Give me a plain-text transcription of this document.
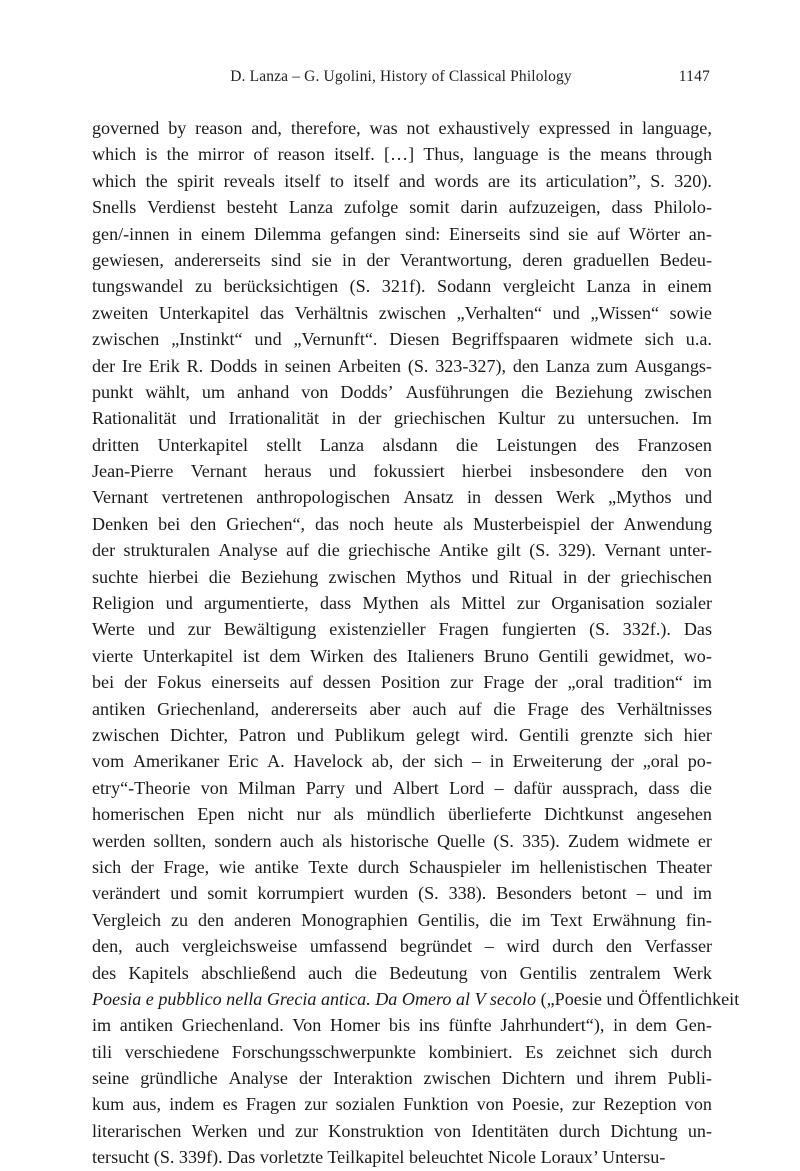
D. Lanza – G. Ugolini, History of Classical Philology	1147
governed by reason and, therefore, was not exhaustively expressed in language,
which is the mirror of reason itself. […] Thus, language is the means through
which the spirit reveals itself to itself and words are its articulation”, S. 320).
Snells Verdienst besteht Lanza zufolge somit darin aufzuzeigen, dass Philolo-
gen/-innen in einem Dilemma gefangen sind: Einerseits sind sie auf Wörter an-
gewiesen, andererseits sind sie in der Verantwortung, deren graduellen Bedeu-
tungswandel zu berücksichtigen (S. 321f). Sodann vergleicht Lanza in einem
zweiten Unterkapitel das Verhältnis zwischen „Verhalten“ und „Wissen“ sowie
zwischen „Instinkt“ und „Vernunft“. Diesen Begriffspaaren widmete sich u.a.
der Ire Erik R. Dodds in seinen Arbeiten (S. 323-327), den Lanza zum Ausgangs-
punkt wählt, um anhand von Dodds’ Ausführungen die Beziehung zwischen
Rationalität und Irrationalität in der griechischen Kultur zu untersuchen. Im
dritten Unterkapitel stellt Lanza alsdann die Leistungen des Franzosen
Jean-Pierre Vernant heraus und fokussiert hierbei insbesondere den von
Vernant vertretenen anthropologischen Ansatz in dessen Werk „Mythos und
Denken bei den Griechen“, das noch heute als Musterbeispiel der Anwendung
der strukturalen Analyse auf die griechische Antike gilt (S. 329). Vernant unter-
suchte hierbei die Beziehung zwischen Mythos und Ritual in der griechischen
Religion und argumentierte, dass Mythen als Mittel zur Organisation sozialer
Werte und zur Bewältigung existenzieller Fragen fungierten (S. 332f.). Das
vierte Unterkapitel ist dem Wirken des Italieners Bruno Gentili gewidmet, wo-
bei der Fokus einerseits auf dessen Position zur Frage der „oral tradition“ im
antiken Griechenland, andererseits aber auch auf die Frage des Verhältnisses
zwischen Dichter, Patron und Publikum gelegt wird. Gentili grenzte sich hier
vom Amerikaner Eric A. Havelock ab, der sich – in Erweiterung der „oral po-
etry“-Theorie von Milman Parry und Albert Lord – dafür aussprach, dass die
homerischen Epen nicht nur als mündlich überlieferte Dichtkunst angesehen
werden sollten, sondern auch als historische Quelle (S. 335). Zudem widmete er
sich der Frage, wie antike Texte durch Schauspieler im hellenistischen Theater
verändert und somit korrumpiert wurden (S. 338). Besonders betont – und im
Vergleich zu den anderen Monographien Gentilis, die im Text Erwähnung fin-
den, auch vergleichsweise umfassend begründet – wird durch den Verfasser
des Kapitels abschließend auch die Bedeutung von Gentilis zentralem Werk
Poesia e pubblico nella Grecia antica. Da Omero al V secolo („Poesie und Öffentlichkeit
im antiken Griechenland. Von Homer bis ins fünfte Jahrhundert“), in dem Gen-
tili verschiedene Forschungsschwerpunkte kombiniert. Es zeichnet sich durch
seine gründliche Analyse der Interaktion zwischen Dichtern und ihrem Publi-
kum aus, indem es Fragen zur sozialen Funktion von Poesie, zur Rezeption von
literarischen Werken und zur Konstruktion von Identitäten durch Dichtung un-
tersucht (S. 339f). Das vorletzte Teilkapitel beleuchtet Nicole Loraux’ Untersu-
